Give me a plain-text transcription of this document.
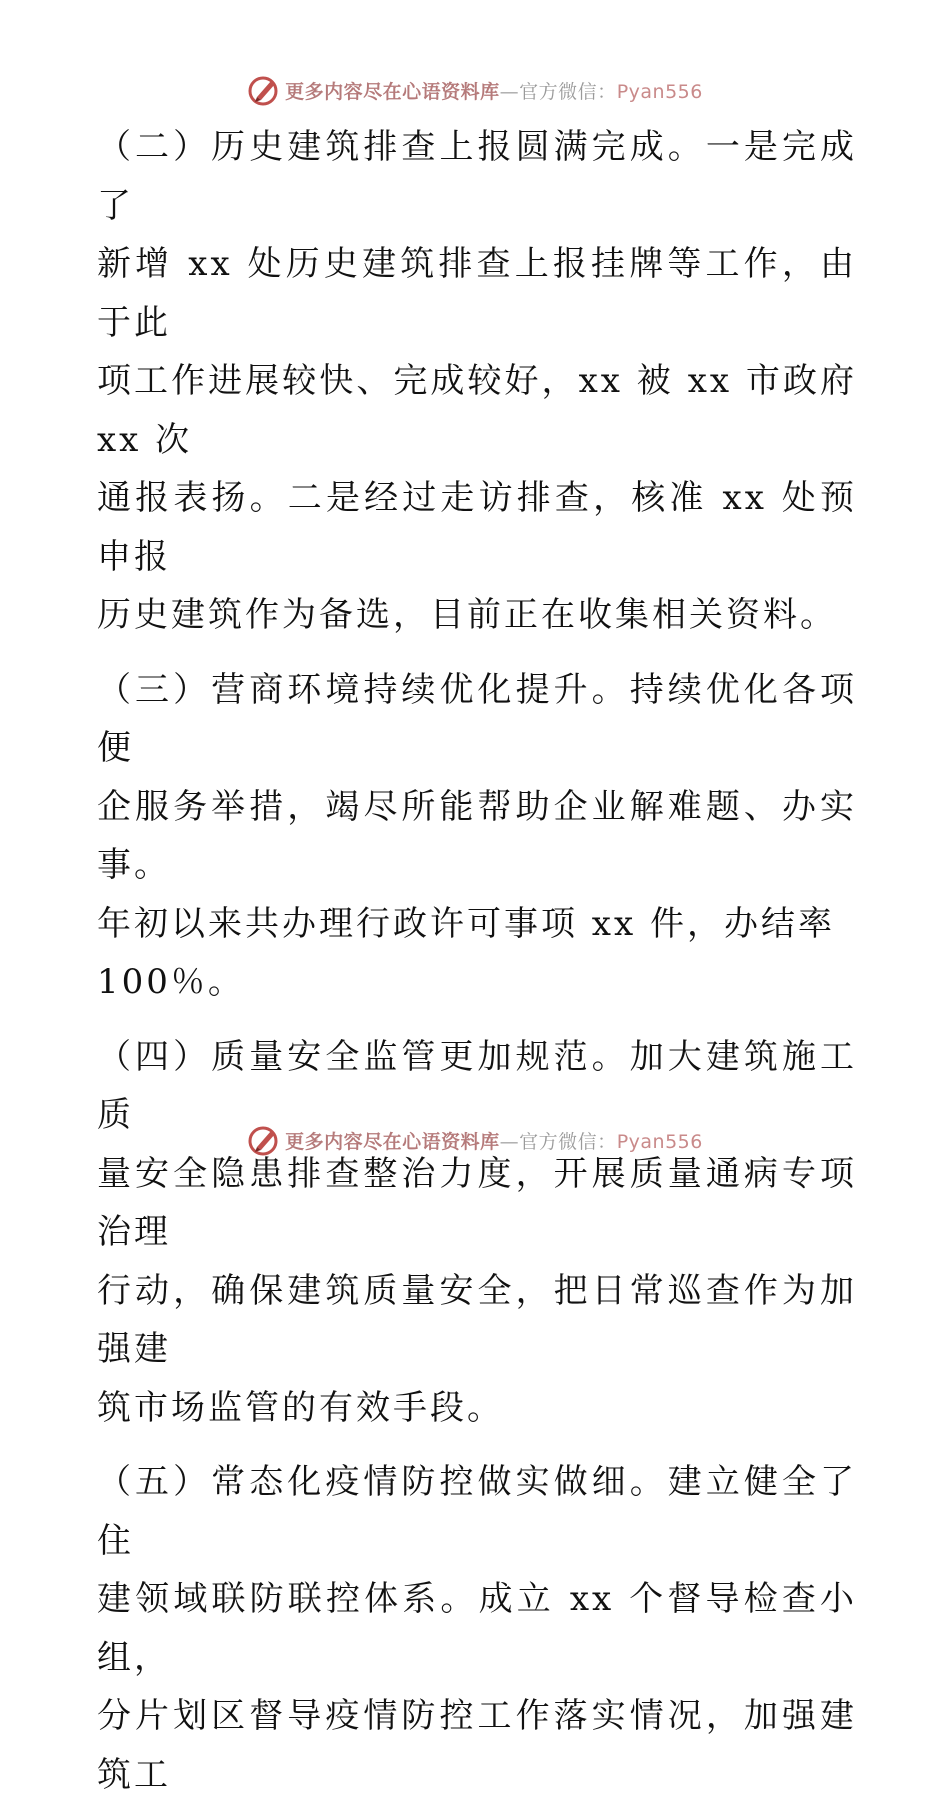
更多内容尽在心语资料库—官方微信：Pyan556

（二）历史建筑排查上报圆满完成。一是完成了
新增 xx 处历史建筑排查上报挂牌等工作，由于此
项工作进展较快、完成较好，xx 被 xx 市政府 xx 次
通报表扬。二是经过走访排查，核准 xx 处预申报
历史建筑作为备选，目前正在收集相关资料。

（三）营商环境持续优化提升。持续优化各项便
企服务举措，竭尽所能帮助企业解难题、办实事。
年初以来共办理行政许可事项 xx 件，办结率
100％。

（四）质量安全监管更加规范。加大建筑施工质
量安全隐患排查整治力度，开展质量通病专项治理
行动，确保建筑质量安全，把日常巡查作为加强建
筑市场监管的有效手段。

（五）常态化疫情防控做实做细。建立健全了住
建领域联防联控体系。成立 xx 个督导检查小组，
分片划区督导疫情防控工作落实情况，加强建筑工

更多内容尽在心语资料库—官方微信：Pyan556
